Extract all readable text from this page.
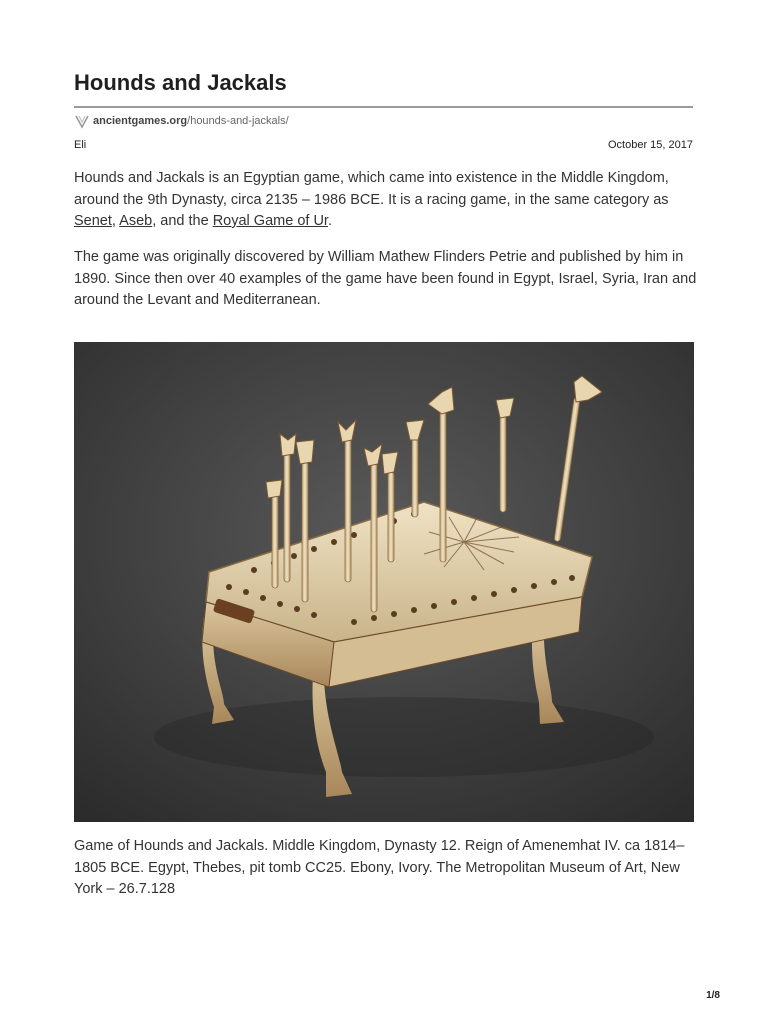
Hounds and Jackals
ancientgames.org /hounds-and-jackals/
Eli	October 15, 2017

Hounds and Jackals is an Egyptian game, which came into existence in the Middle Kingdom, around the 9th Dynasty, circa 2135 – 1986 BCE. It is a racing game, in the same category as Senet, Aseb, and the Royal Game of Ur.

The game was originally discovered by William Mathew Flinders Petrie and published by him in 1890. Since then over 40 examples of the game have been found in Egypt, Israel, Syria, Iran and around the Levant and Mediterranean.

Game of Hounds and Jackals. Middle Kingdom, Dynasty 12. Reign of Amenemhat IV. ca 1814–1805 BCE. Egypt, Thebes, pit tomb CC25. Ebony, Ivory. The Metropolitan Museum of Art, New York – 26.7.128

1/8
